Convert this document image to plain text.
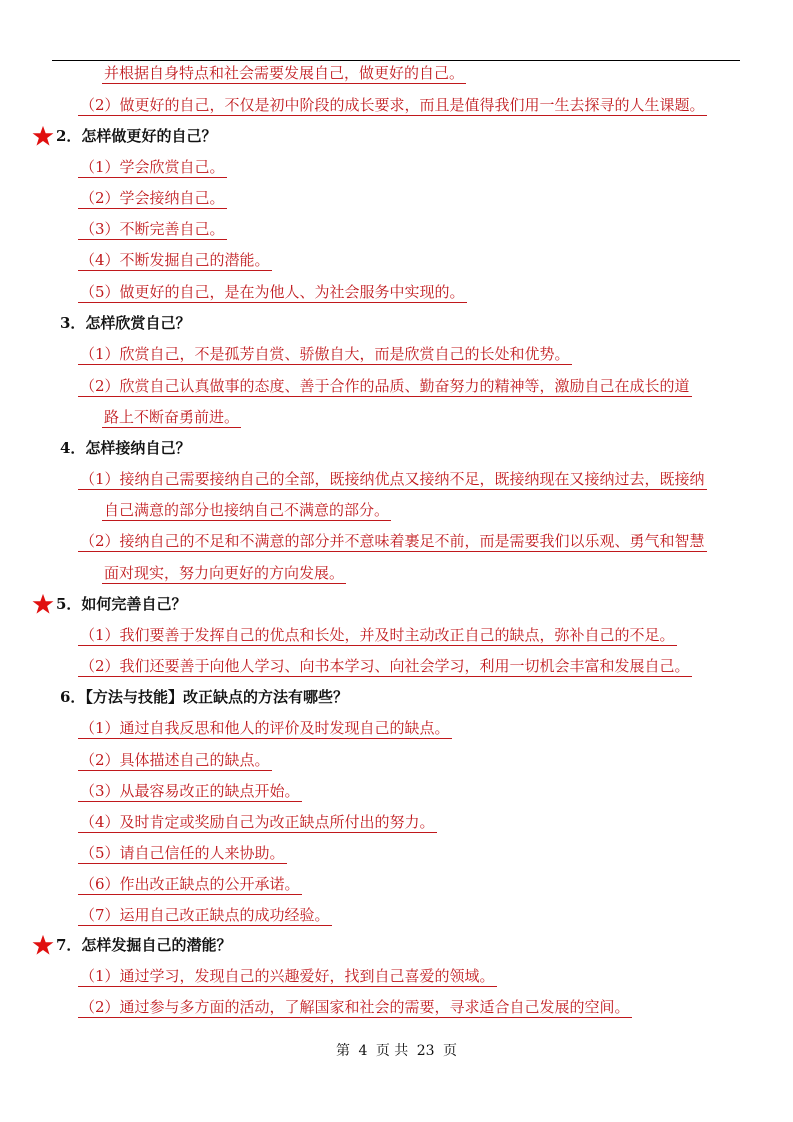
并根据自身特点和社会需要发展自己，做更好的自己。
（2）做更好的自己，不仅是初中阶段的成长要求，而且是值得我们用一生去探寻的人生课题。
2．怎样做更好的自己？
（1）学会欣赏自己。
（2）学会接纳自己。
（3）不断完善自己。
（4）不断发掘自己的潜能。
（5）做更好的自己，是在为他人、为社会服务中实现的。
3．怎样欣赏自己？
（1）欣赏自己，不是孤芳自赏、骄傲自大，而是欣赏自己的长处和优势。
（2）欣赏自己认真做事的态度、善于合作的品质、勤奋努力的精神等，激励自己在成长的道
路上不断奋勇前进。
4．怎样接纳自己？
（1）接纳自己需要接纳自己的全部，既接纳优点又接纳不足，既接纳现在又接纳过去，既接纳
自己满意的部分也接纳自己不满意的部分。
（2）接纳自己的不足和不满意的部分并不意味着裹足不前，而是需要我们以乐观、勇气和智慧
面对现实，努力向更好的方向发展。
5．如何完善自己？
（1）我们要善于发挥自己的优点和长处，并及时主动改正自己的缺点，弥补自己的不足。
（2）我们还要善于向他人学习、向书本学习、向社会学习，利用一切机会丰富和发展自己。
6．【方法与技能】改正缺点的方法有哪些？
（1）通过自我反思和他人的评价及时发现自己的缺点。
（2）具体描述自己的缺点。
（3）从最容易改正的缺点开始。
（4）及时肯定或奖励自己为改正缺点所付出的努力。
（5）请自己信任的人来协助。
（6）作出改正缺点的公开承诺。
（7）运用自己改正缺点的成功经验。
7．怎样发掘自己的潜能？
（1）通过学习，发现自己的兴趣爱好，找到自己喜爱的领域。
（2）通过参与多方面的活动，了解国家和社会的需要，寻求适合自己发展的空间。
第 4 页 共 23 页
